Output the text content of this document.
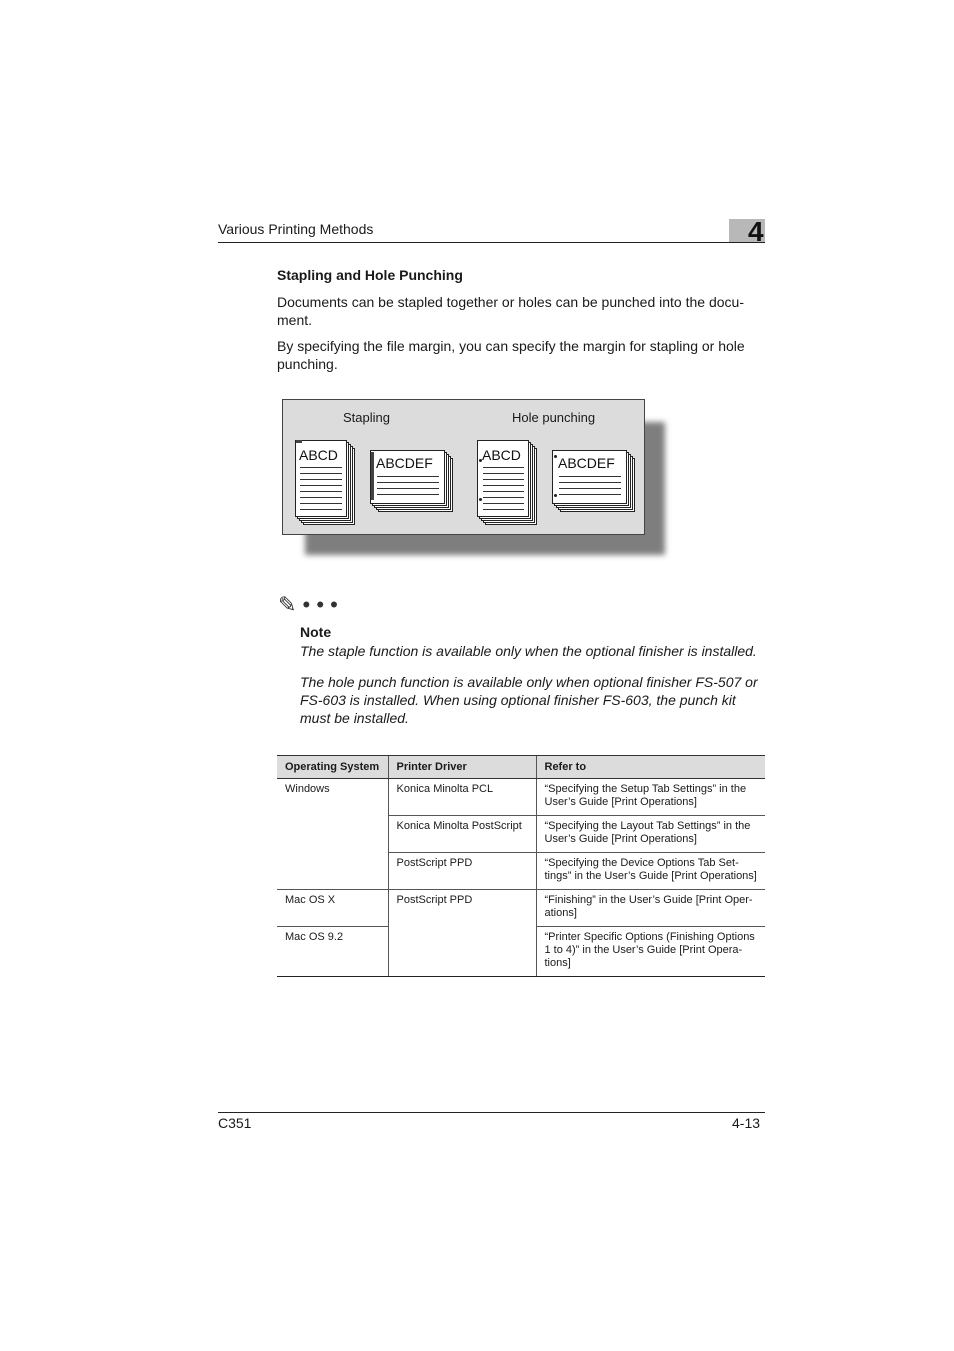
Various Printing Methods	4
Stapling and Hole Punching
Documents can be stapled together or holes can be punched into the docu-ment.
By specifying the file margin, you can specify the margin for stapling or hole punching.
Stapling	Hole punching
ABCD	ABCDEF	ABCD	ABCDEF
✎ • • •
Note
The staple function is available only when the optional finisher is installed.
The hole punch function is available only when optional finisher FS-507 or FS-603 is installed. When using optional finisher FS-603, the punch kit must be installed.
Operating System	Printer Driver	Refer to
Windows	Konica Minolta PCL	“Specifying the Setup Tab Settings” in the User’s Guide [Print Operations]
	Konica Minolta PostScript	“Specifying the Layout Tab Settings” in the User’s Guide [Print Operations]
	PostScript PPD	“Specifying the Device Options Tab Set-tings” in the User’s Guide [Print Operations]
Mac OS X	PostScript PPD	“Finishing” in the User’s Guide [Print Oper-ations]
Mac OS 9.2		“Printer Specific Options (Finishing Options 1 to 4)” in the User’s Guide [Print Opera-tions]
C351	4-13
